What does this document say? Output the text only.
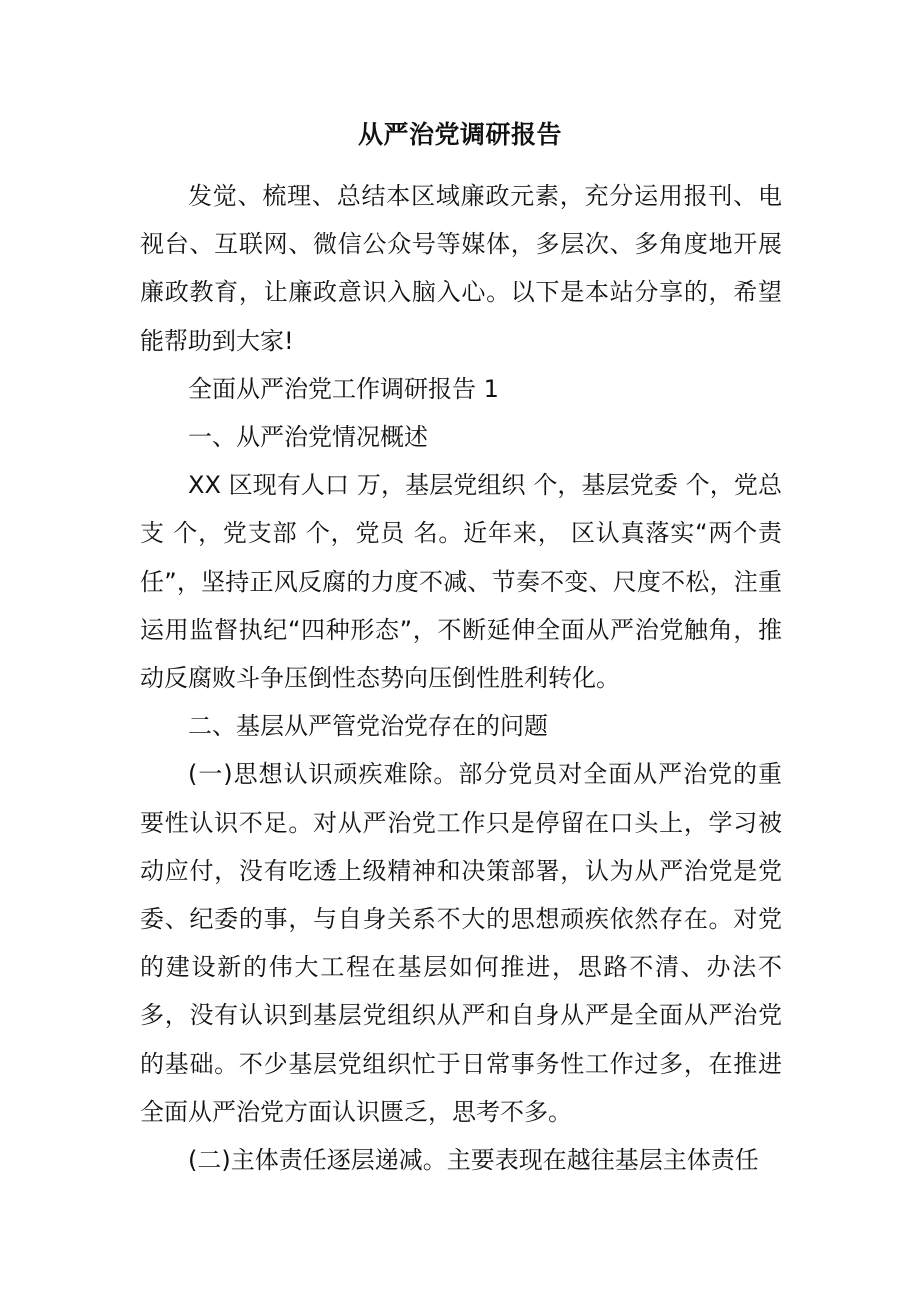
从严治党调研报告

发觉、梳理、总结本区域廉政元素，充分运用报刊、电视台、互联网、微信公众号等媒体，多层次、多角度地开展廉政教育，让廉政意识入脑入心。以下是本站分享的，希望能帮助到大家!

全面从严治党工作调研报告 1

一、从严治党情况概述

XX 区现有人口 万，基层党组织 个，基层党委 个，党总支 个，党支部 个，党员 名。近年来， 区认真落实“两个责任”，坚持正风反腐的力度不减、节奏不变、尺度不松，注重运用监督执纪“四种形态”，不断延伸全面从严治党触角，推动反腐败斗争压倒性态势向压倒性胜利转化。

二、基层从严管党治党存在的问题

(一)思想认识顽疾难除。部分党员对全面从严治党的重要性认识不足。对从严治党工作只是停留在口头上，学习被动应付，没有吃透上级精神和决策部署，认为从严治党是党委、纪委的事，与自身关系不大的思想顽疾依然存在。对党的建设新的伟大工程在基层如何推进，思路不清、办法不多，没有认识到基层党组织从严和自身从严是全面从严治党的基础。不少基层党组织忙于日常事务性工作过多，在推进全面从严治党方面认识匮乏，思考不多。

(二)主体责任逐层递减。主要表现在越往基层主体责任
